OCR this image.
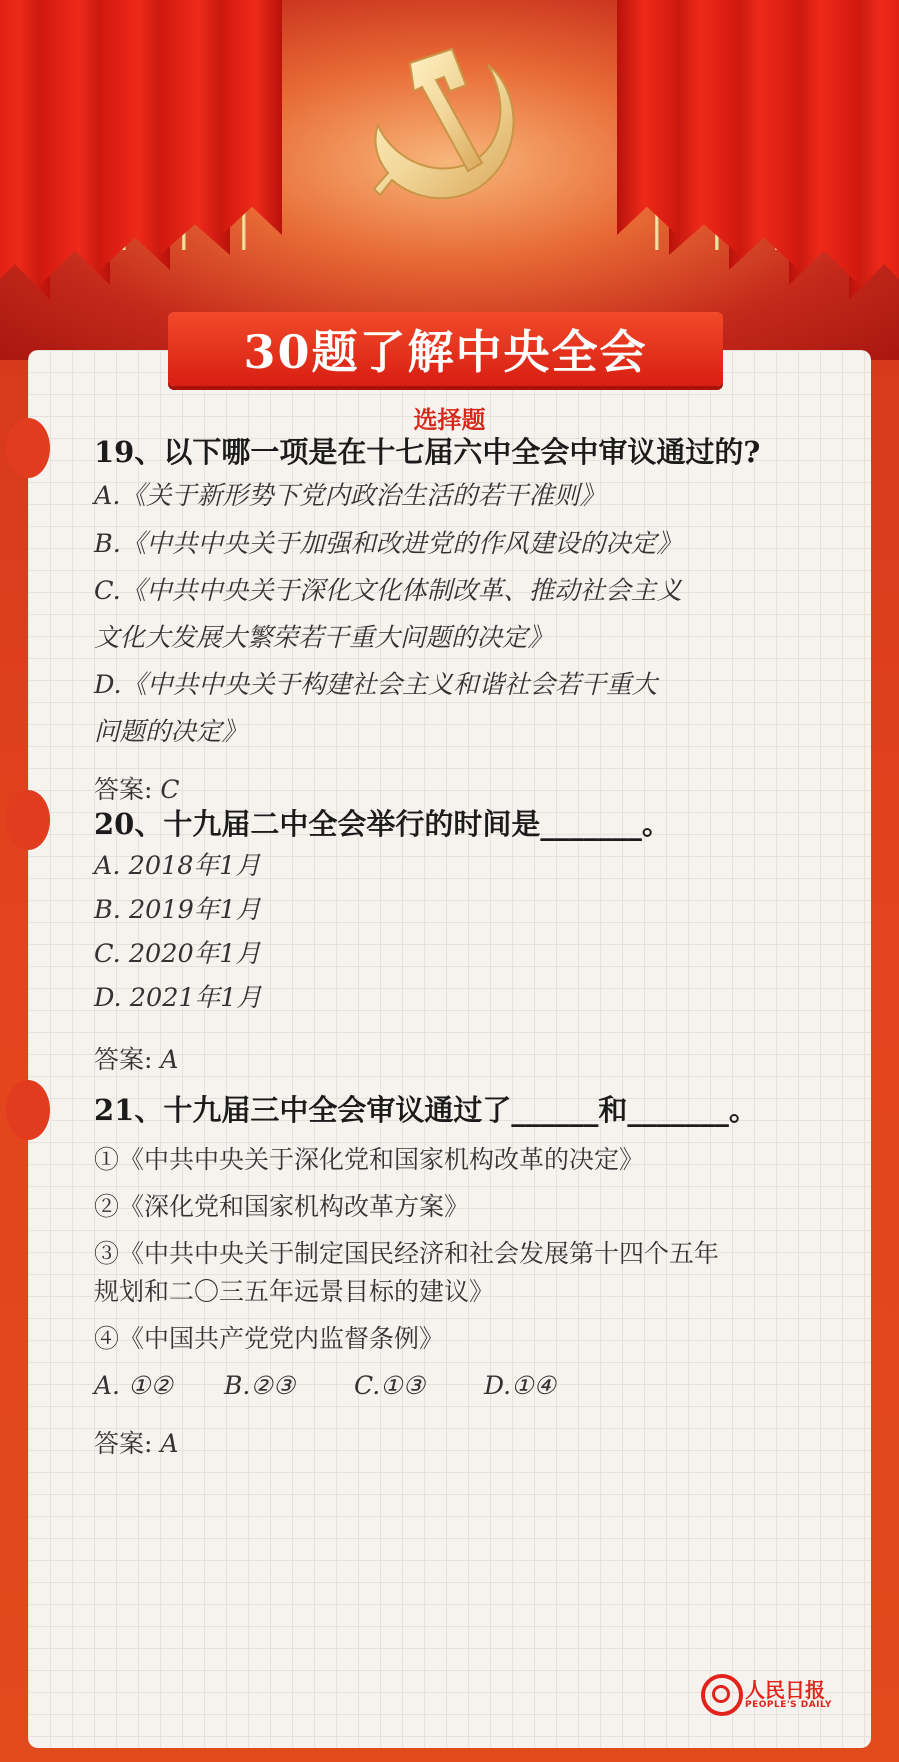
30题了解中央全会
选择题
19、以下哪一项是在十七届六中全会中审议通过的?
A.《关于新形势下党内政治生活的若干准则》
B.《中共中央关于加强和改进党的作风建设的决定》
C.《中共中央关于深化文化体制改革、推动社会主义
文化大发展大繁荣若干重大问题的决定》
D.《中共中央关于构建社会主义和谐社会若干重大
问题的决定》
答案: C
20、十九届二中全会举行的时间是_______。
A. 2018年1月
B. 2019年1月
C. 2020年1月
D. 2021年1月
答案: A
21、十九届三中全会审议通过了______和_______。
①《中共中央关于深化党和国家机构改革的决定》
②《深化党和国家机构改革方案》
③《中共中央关于制定国民经济和社会发展第十四个五年
规划和二〇三五年远景目标的建议》
④《中国共产党党内监督条例》
A. ①②	B.②③	C.①③	D.①④
答案: A
人民日报
PEOPLE'S DAILY
